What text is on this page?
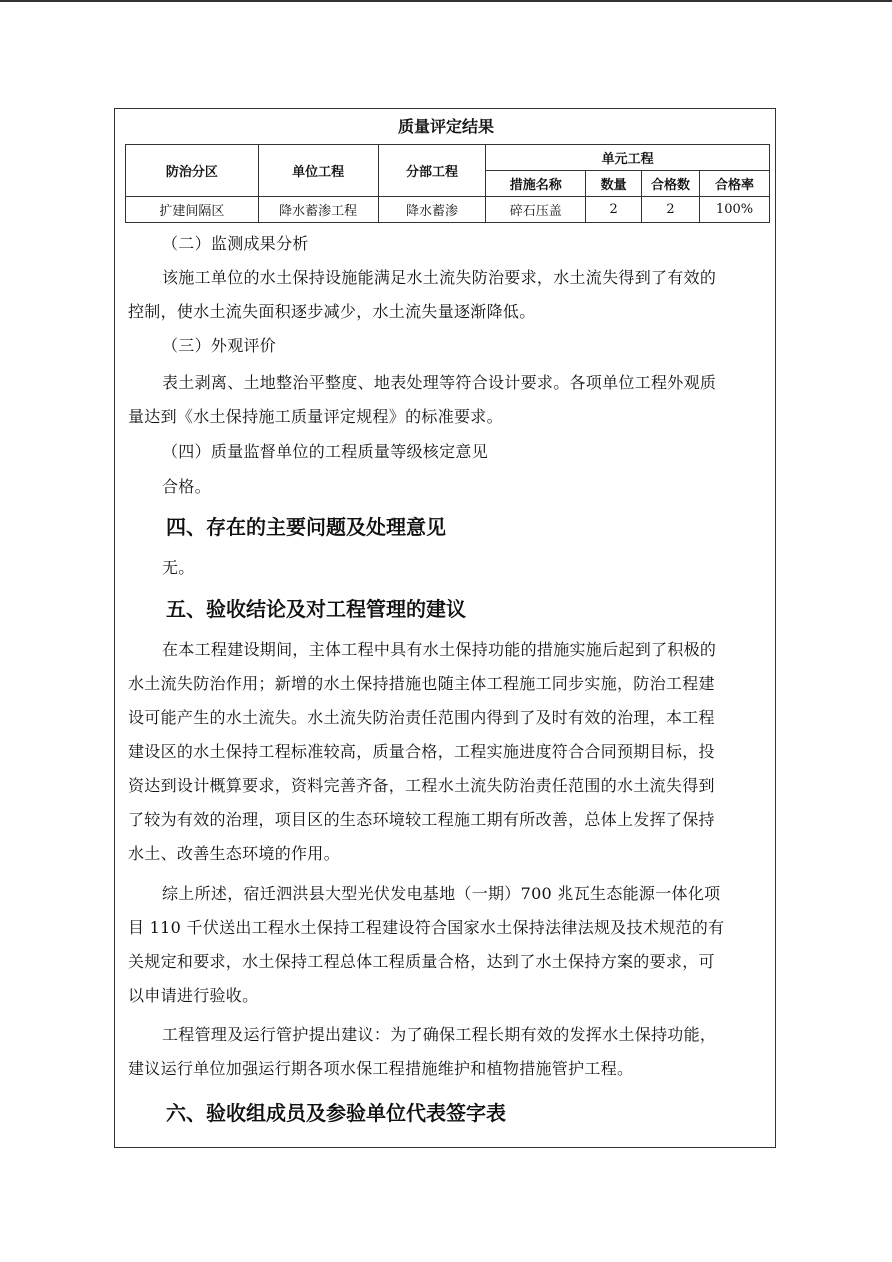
质量评定结果
防治分区	单位工程	分部工程	单元工程			
			措施名称	数量	合格数	合格率
扩建间隔区	降水蓄渗工程	降水蓄渗	碎石压盖	2	2	100%
（二）监测成果分析
该施工单位的水土保持设施能满足水土流失防治要求，水土流失得到了有效的
控制，使水土流失面积逐步减少，水土流失量逐渐降低。
（三）外观评价
表土剥离、土地整治平整度、地表处理等符合设计要求。各项单位工程外观质
量达到《水土保持施工质量评定规程》的标准要求。
（四）质量监督单位的工程质量等级核定意见
合格。
四、存在的主要问题及处理意见
无。
五、验收结论及对工程管理的建议
在本工程建设期间，主体工程中具有水土保持功能的措施实施后起到了积极的
水土流失防治作用；新增的水土保持措施也随主体工程施工同步实施，防治工程建
设可能产生的水土流失。水土流失防治责任范围内得到了及时有效的治理，本工程
建设区的水土保持工程标准较高，质量合格，工程实施进度符合合同预期目标，投
资达到设计概算要求，资料完善齐备，工程水土流失防治责任范围的水土流失得到
了较为有效的治理，项目区的生态环境较工程施工期有所改善，总体上发挥了保持
水土、改善生态环境的作用。
综上所述，宿迁泗洪县大型光伏发电基地（一期）700 兆瓦生态能源一体化项
目 110 千伏送出工程水土保持工程建设符合国家水土保持法律法规及技术规范的有
关规定和要求，水土保持工程总体工程质量合格，达到了水土保持方案的要求，可
以申请进行验收。
工程管理及运行管护提出建议：为了确保工程长期有效的发挥水土保持功能，
建议运行单位加强运行期各项水保工程措施维护和植物措施管护工程。
六、验收组成员及参验单位代表签字表
